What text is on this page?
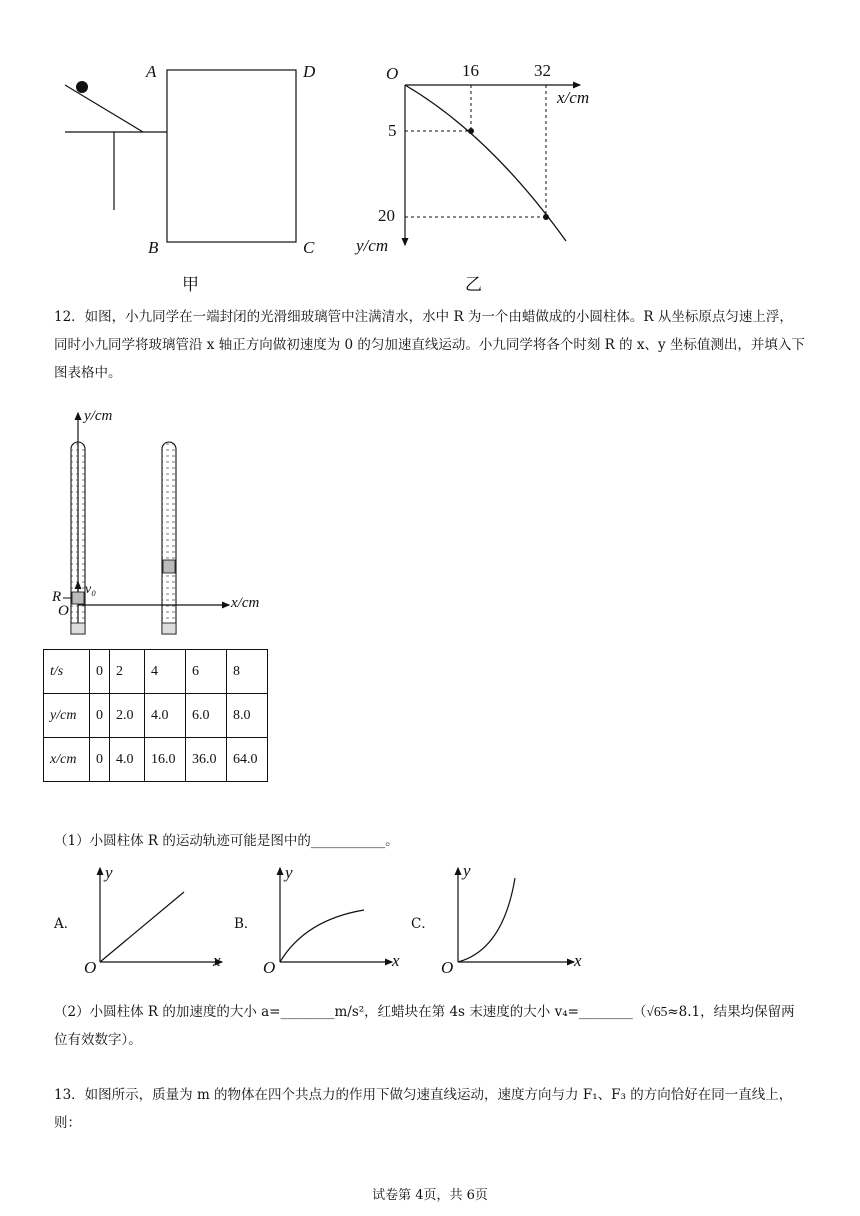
A	D
B	C
甲
O	16	32
x/cm
5
20
y/cm
乙
12．如图，小九同学在一端封闭的光滑细玻璃管中注满清水，水中 R 为一个由蜡做成的小圆柱体。R 从坐标原点匀速上浮，同时小九同学将玻璃管沿 x 轴正方向做初速度为 0 的匀加速直线运动。小九同学将各个时刻 R 的 x、y 坐标值测出，并填入下图表格中。
y/cm
x/cm
R
O
v₀
t/s	0	2	4	6	8
y/cm	0	2.0	4.0	6.0	8.0
x/cm	0	4.0	16.0	36.0	64.0
（1）小圆柱体 R 的运动轨迹可能是图中的___________。
A．	B．	C．
y
x
O
y
x
O
y
x
O
（2）小圆柱体 R 的加速度的大小 a=________m/s²，红蜡块在第 4s 末速度的大小 v₄=________（√65≈8.1，结果均保留两位有效数字）。
13．如图所示，质量为 m 的物体在四个共点力的作用下做匀速直线运动，速度方向与力 F₁、F₃ 的方向恰好在同一直线上，则：
试卷第 4页，共 6页
